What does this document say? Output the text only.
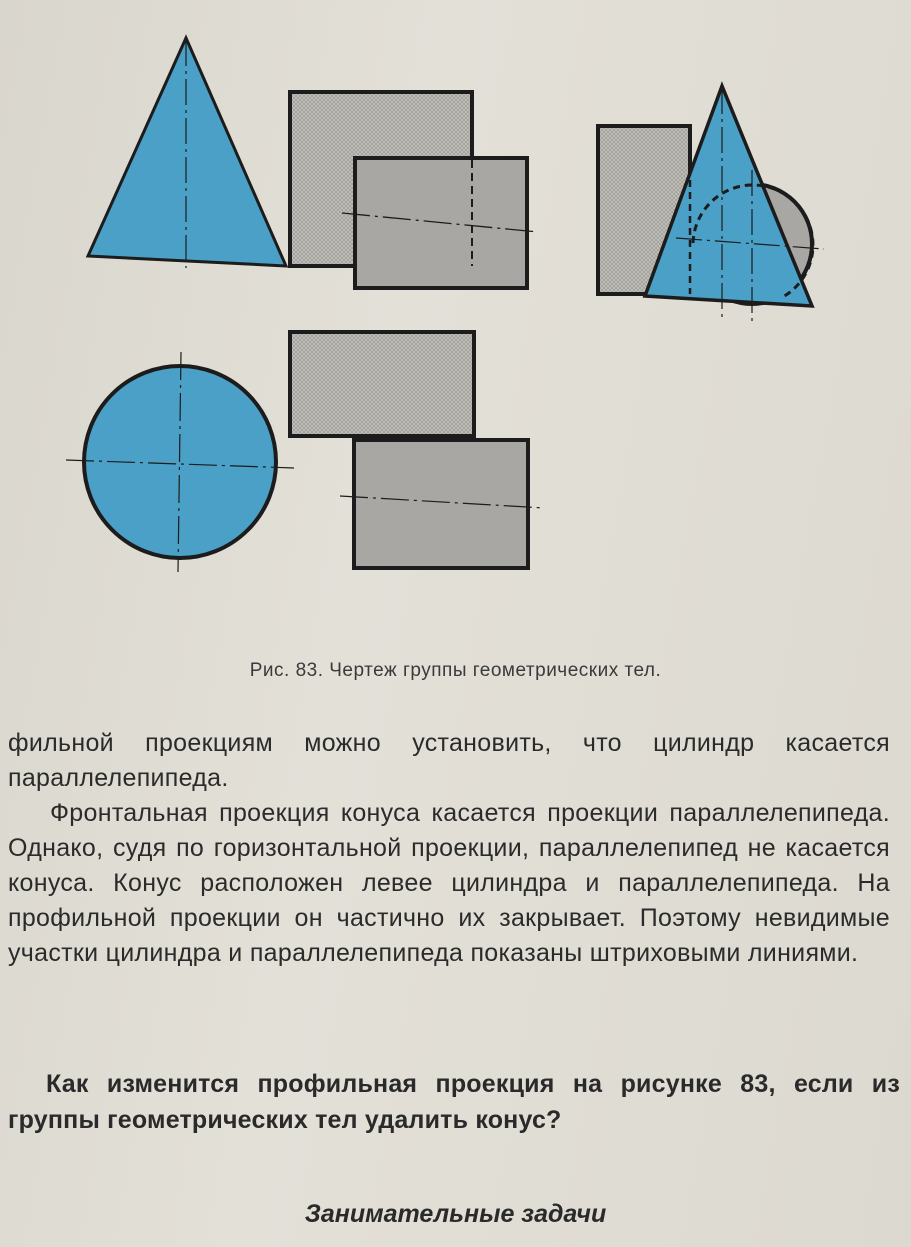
Рис. 83. Чертеж группы геометрических тел.

фильной проекциям можно установить, что цилиндр касается параллелепипеда.

Фронтальная проекция конуса касается проекции параллелепипеда. Однако, судя по горизонтальной проекции, параллелепипед не касается конуса. Конус расположен левее цилиндра и параллелепипеда. На профильной проекции он частично их закрывает. Поэтому невидимые участки цилиндра и параллелепипеда показаны штриховыми линиями.

Как изменится профильная проекция на рисунке 83, если из группы геометрических тел удалить конус?
Занимательные задачи
